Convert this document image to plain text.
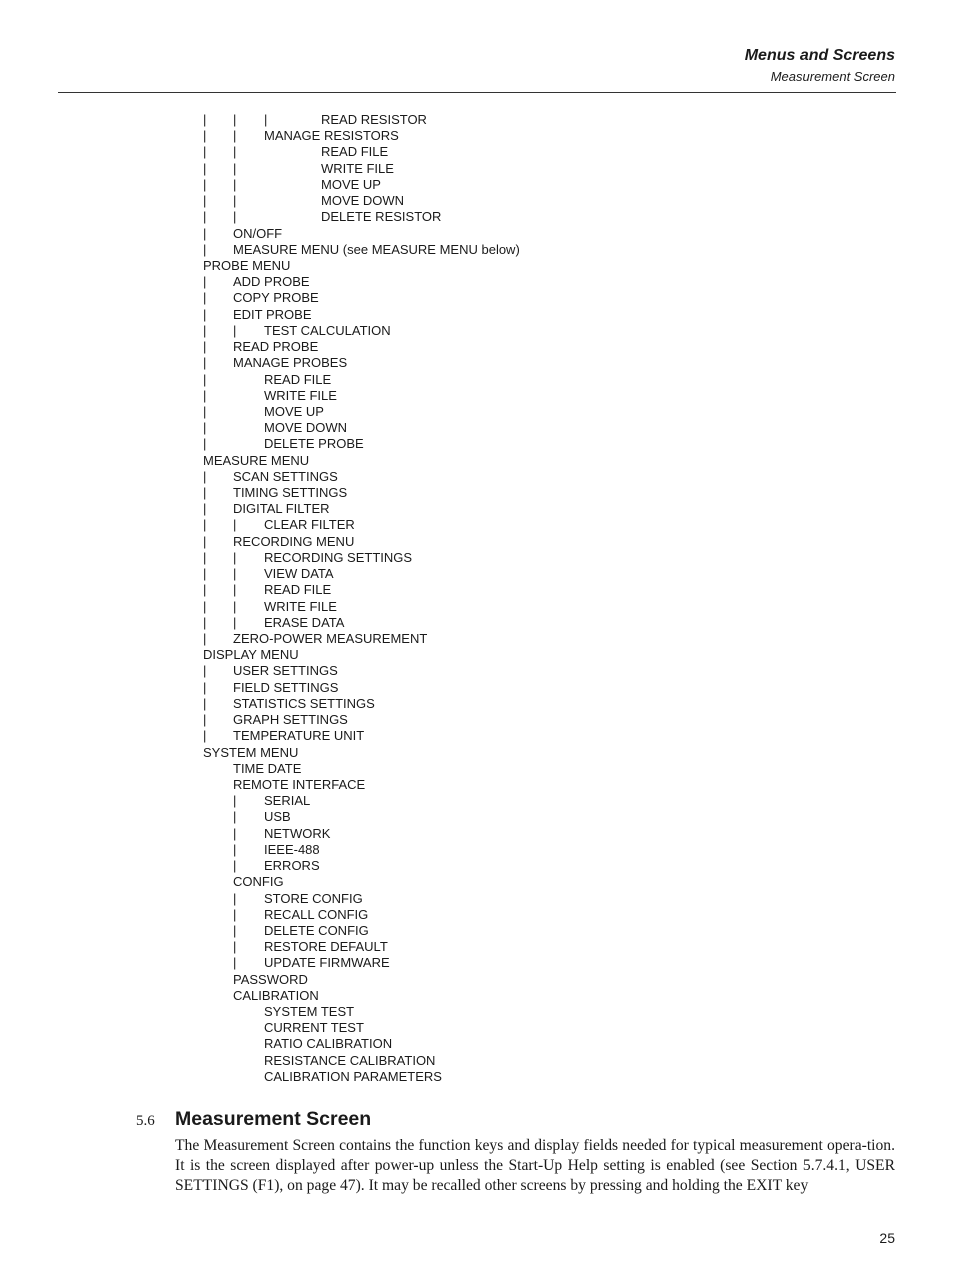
Menus and Screens
Measurement Screen
| | |	READ RESISTOR
| | MANAGE RESISTORS
| |	READ FILE
| |	WRITE FILE
| |	MOVE UP
| |	MOVE DOWN
| |	DELETE RESISTOR
| ON/OFF
| MEASURE MENU (see MEASURE MENU below)
PROBE MENU
| ADD PROBE
| COPY PROBE
| EDIT PROBE
| | TEST CALCULATION
| READ PROBE
| MANAGE PROBES
|	READ FILE
|	WRITE FILE
|	MOVE UP
|	MOVE DOWN
|	DELETE PROBE
MEASURE MENU
| SCAN SETTINGS
| TIMING SETTINGS
| DIGITAL FILTER
| | CLEAR FILTER
| RECORDING MENU
| | RECORDING SETTINGS
| | VIEW DATA
| | READ FILE
| | WRITE FILE
| | ERASE DATA
| ZERO-POWER MEASUREMENT
DISPLAY MENU
| USER SETTINGS
| FIELD SETTINGS
| STATISTICS SETTINGS
| GRAPH SETTINGS
| TEMPERATURE UNIT
SYSTEM MENU
TIME DATE
REMOTE INTERFACE
| SERIAL
| USB
| NETWORK
| IEEE-488
| ERRORS
CONFIG
| STORE CONFIG
| RECALL CONFIG
| DELETE CONFIG
| RESTORE DEFAULT
| UPDATE FIRMWARE
PASSWORD
CALIBRATION
SYSTEM TEST
CURRENT TEST
RATIO CALIBRATION
RESISTANCE CALIBRATION
CALIBRATION PARAMETERS
5.6 Measurement Screen
The Measurement Screen contains the function keys and display fields needed for typical measurement opera-tion. It is the screen displayed after power-up unless the Start-Up Help setting is enabled (see Section 5.7.4.1, USER SETTINGS (F1), on page 47). It may be recalled other screens by pressing and holding the EXIT key
25
